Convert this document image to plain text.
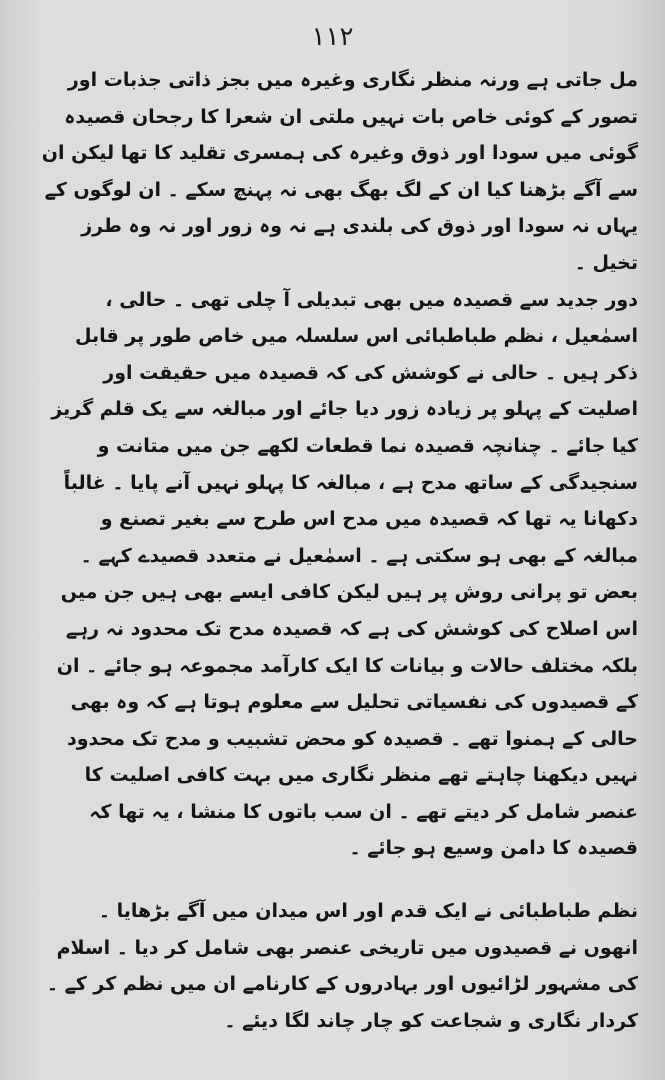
۱۱۲

مل جاتی ہے ورنہ منظر نگاری وغیرہ میں بجز ذاتی جذبات اور تصور کے کوئی خاص بات نہیں ملتی ان شعرا کا رجحان قصیدہ گوئی میں سودا اور ذوق وغیرہ کی ہمسری تقلید کا تھا لیکن ان سے آگے بڑھنا کیا ان کے لگ بھگ بھی نہ پہنچ سکے ۔ ان لوگوں کے یہاں نہ سودا اور ذوق کی بلندی ہے نہ وہ زور اور نہ وہ طرز تخیل ۔

دور جدید سے قصیدہ میں بھی تبدیلی آ چلی تھی ۔ حالی ، اسمٰعیل ، نظم طباطبائی اس سلسلہ میں خاص طور پر قابل ذکر ہیں ۔ حالی نے کوشش کی کہ قصیدہ میں حقیقت اور اصلیت کے پہلو پر زیادہ زور دیا جائے اور مبالغہ سے یک قلم گریز کیا جائے ۔ چنانچہ قصیدہ نما قطعات لکھے جن میں متانت و سنجیدگی کے ساتھ مدح ہے ، مبالغہ کا پہلو نہیں آنے پایا ۔ غالباً دکھانا یہ تھا کہ قصیدہ میں مدح اس طرح سے بغیر تصنع و مبالغہ کے بھی ہو سکتی ہے ۔ اسمٰعیل نے متعدد قصیدے کہے ۔ بعض تو پرانی روش پر ہیں لیکن کافی ایسے بھی ہیں جن میں اس اصلاح کی کوشش کی ہے کہ قصیدہ مدح تک محدود نہ رہے بلکہ مختلف حالات و بیانات کا ایک کارآمد مجموعہ ہو جائے ۔ ان کے قصیدوں کی نفسیاتی تحلیل سے معلوم ہوتا ہے کہ وہ بھی حالی کے ہمنوا تھے ۔ قصیدہ کو محض تشبیب و مدح تک محدود نہیں دیکھنا چاہتے تھے منظر نگاری میں بہت کافی اصلیت کا عنصر شامل کر دیتے تھے ۔ ان سب باتوں کا منشا ، یہ تھا کہ قصیدہ کا دامن وسیع ہو جائے ۔

نظم طباطبائی نے ایک قدم اور اس میدان میں آگے بڑھایا ۔ انھوں نے قصیدوں میں تاریخی عنصر بھی شامل کر دیا ۔ اسلام کی مشہور لڑائیوں اور بہادروں کے کارنامے ان میں نظم کر کے ۔ کردار نگاری و شجاعت کو چار چاند لگا دیئے ۔
